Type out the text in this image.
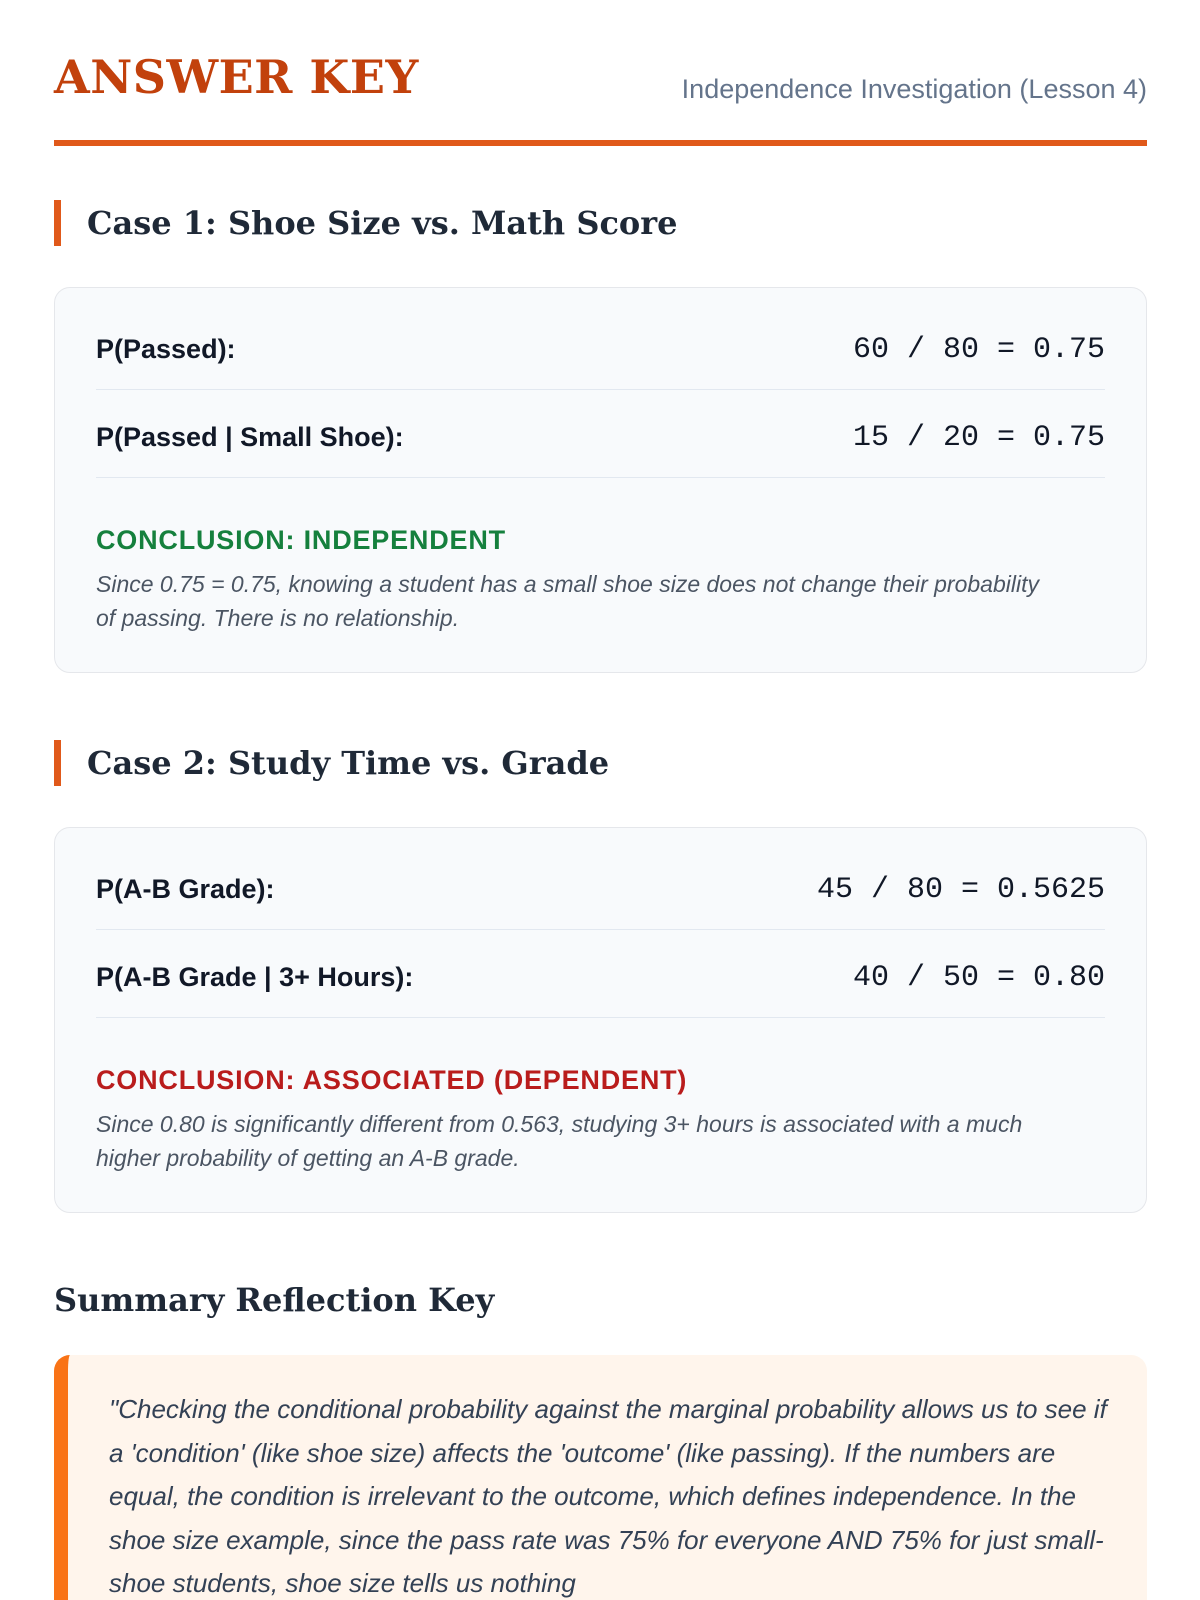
ANSWER KEY	Independence Investigation (Lesson 4)
Case 1: Shoe Size vs. Math Score
P(Passed):	60 / 80 = 0.75
P(Passed | Small Shoe):	15 / 20 = 0.75
CONCLUSION: INDEPENDENT
Since 0.75 = 0.75, knowing a student has a small shoe size does not change their probability of passing. There is no relationship.
Case 2: Study Time vs. Grade
P(A-B Grade):	45 / 80 = 0.5625
P(A-B Grade | 3+ Hours):	40 / 50 = 0.80
CONCLUSION: ASSOCIATED (DEPENDENT)
Since 0.80 is significantly different from 0.563, studying 3+ hours is associated with a much higher probability of getting an A-B grade.
Summary Reflection Key
"Checking the conditional probability against the marginal probability allows us to see if a 'condition' (like shoe size) affects the 'outcome' (like passing). If the numbers are equal, the condition is irrelevant to the outcome, which defines independence. In the shoe size example, since the pass rate was 75% for everyone AND 75% for just small-shoe students, shoe size tells us nothing
